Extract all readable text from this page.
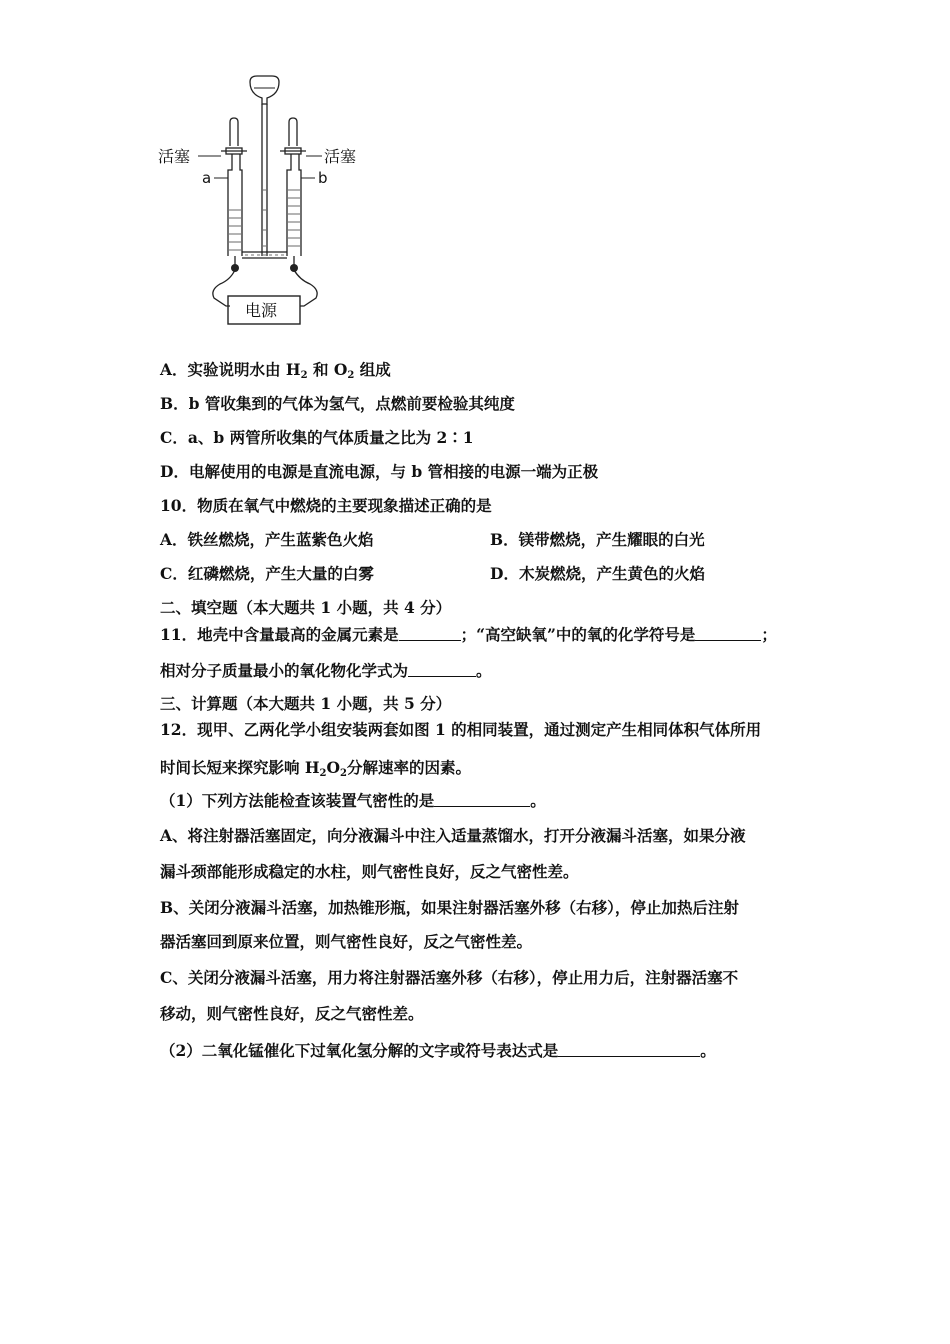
活塞	活塞
a	b
电源
A．实验说明水由 $H_2$ 和 $O_2$ 组成
B．b 管收集到的气体为氢气，点燃前要检验其纯度
C．a、b 两管所收集的气体质量之比为 2∶1
D．电解使用的电源是直流电源，与 b 管相接的电源一端为正极
10．物质在氧气中燃烧的主要现象描述正确的是
A．铁丝燃烧，产生蓝紫色火焰	B．镁带燃烧，产生耀眼的白光
C．红磷燃烧，产生大量的白雾	D．木炭燃烧，产生黄色的火焰
二、填空题（本大题共 1 小题，共 4 分）
11．地壳中含量最高的金属元素是	；“高空缺氧”中的氧的化学符号是	；
相对分子质量最小的氧化物化学式为	。
三、计算题（本大题共 1 小题，共 5 分）
12．现甲、乙两化学小组安装两套如图 1 的相同装置，通过测定产生相同体积气体所用
时间长短来探究影响 $H_2O_2$分解速率的因素。
（1）下列方法能检查该装置气密性的是	。
A、将注射器活塞固定，向分液漏斗中注入适量蒸馏水，打开分液漏斗活塞，如果分液
漏斗颈部能形成稳定的水柱，则气密性良好，反之气密性差。
B、关闭分液漏斗活塞，加热锥形瓶，如果注射器活塞外移（右移），停止加热后注射
器活塞回到原来位置，则气密性良好，反之气密性差。
C、关闭分液漏斗活塞，用力将注射器活塞外移（右移），停止用力后，注射器活塞不
移动，则气密性良好，反之气密性差。
（2）二氧化锰催化下过氧化氢分解的文字或符号表达式是	。
